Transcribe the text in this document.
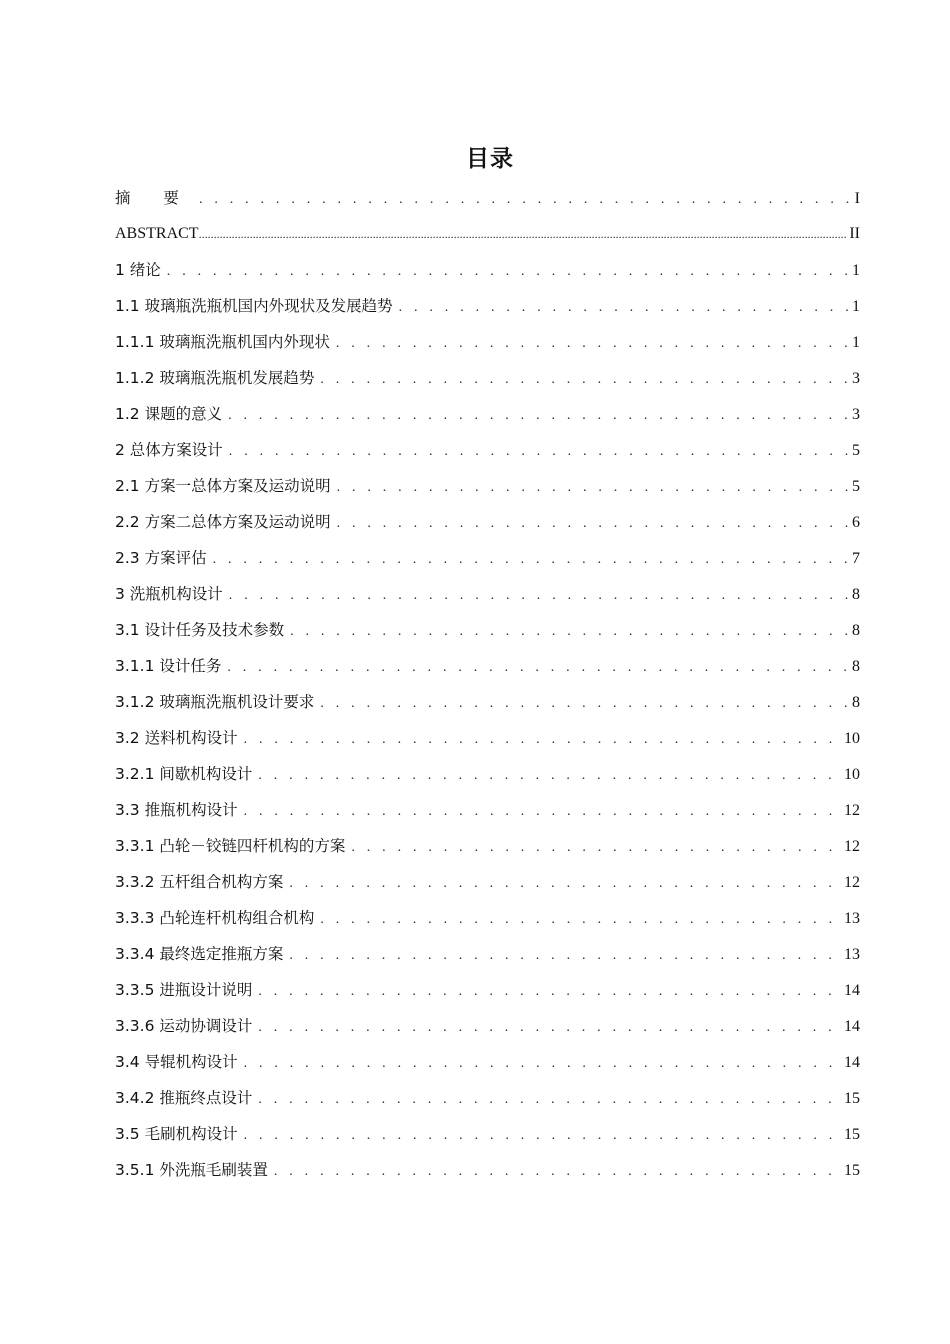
目录
摘 要 . . .	I
ABSTRACT .....	II
1 绪论 . . .	1
1.1 玻璃瓶洗瓶机国内外现状及发展趋势 . . .	1
1.1.1 玻璃瓶洗瓶机国内外现状 . . .	1
1.1.2 玻璃瓶洗瓶机发展趋势 . . .	3
1.2 课题的意义 . . .	3
2 总体方案设计 . . .	5
2.1 方案一总体方案及运动说明 . . .	5
2.2 方案二总体方案及运动说明 . . .	6
2.3 方案评估 . . .	7
3 洗瓶机构设计 . . .	8
3.1 设计任务及技术参数 . . .	8
3.1.1 设计任务 . . .	8
3.1.2 玻璃瓶洗瓶机设计要求 . . .	8
3.2 送料机构设计 . . .	10
3.2.1 间歇机构设计 . . .	10
3.3 推瓶机构设计 . . .	12
3.3.1 凸轮－铰链四杆机构的方案 . . .	12
3.3.2 五杆组合机构方案 . . .	12
3.3.3 凸轮连杆机构组合机构 . . .	13
3.3.4 最终选定推瓶方案 . . .	13
3.3.5 进瓶设计说明 . . .	14
3.3.6 运动协调设计 . . .	14
3.4 导辊机构设计 . . .	14
3.4.2 推瓶终点设计 . . .	15
3.5 毛刷机构设计 . . .	15
3.5.1 外洗瓶毛刷装置 . . .	15
